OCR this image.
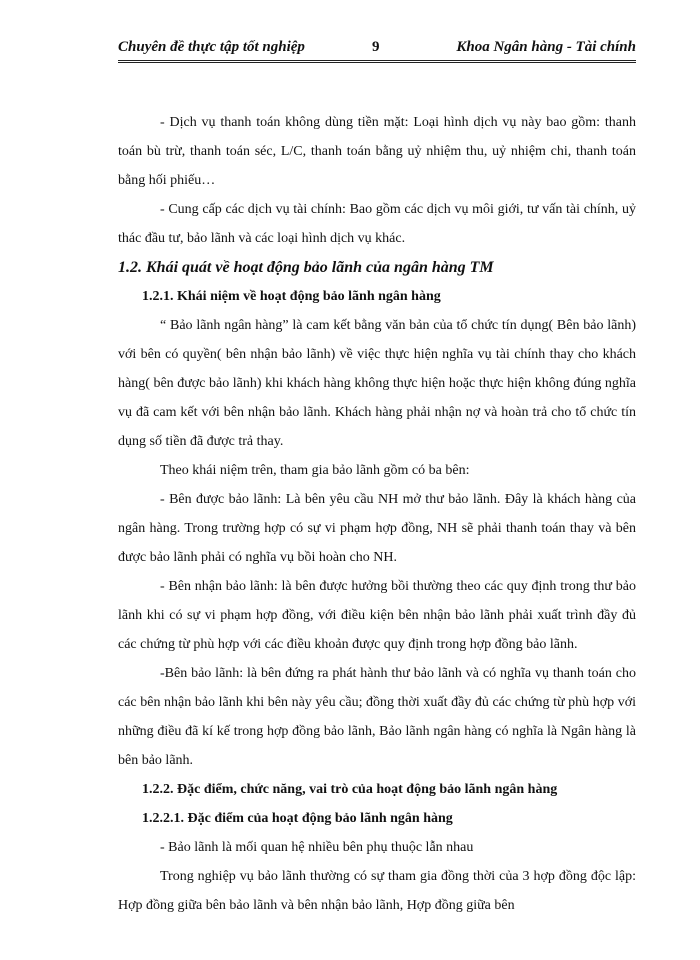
Chuyên đề thực tập tốt nghiệp	9	Khoa Ngân hàng - Tài chính

- Dịch vụ thanh toán không dùng tiền mặt: Loại hình dịch vụ này bao gồm: thanh toán bù trừ, thanh toán séc, L/C, thanh toán bằng uỷ nhiệm thu, uỷ nhiệm chi, thanh toán bằng hối phiếu…

- Cung cấp các dịch vụ tài chính: Bao gồm các dịch vụ môi giới, tư vấn tài chính, uỷ thác đầu tư, bảo lãnh và các loại hình dịch vụ khác.

1.2. Khái quát về hoạt động bảo lãnh của ngân hàng TM

1.2.1. Khái niệm về hoạt động bảo lãnh ngân hàng

“ Bảo lãnh ngân hàng” là cam kết bằng văn bản của tổ chức tín dụng( Bên bảo lãnh) với bên có quyền( bên nhận bảo lãnh) về việc thực hiện nghĩa vụ tài chính thay cho khách hàng( bên được bảo lãnh) khi khách hàng không thực hiện hoặc thực hiện không đúng nghĩa vụ đã cam kết với bên nhận bảo lãnh. Khách hàng phải nhận nợ và hoàn trả cho tổ chức tín dụng số tiền đã được trả thay.

Theo khái niệm trên, tham gia bảo lãnh gồm có ba bên:

- Bên được bảo lãnh: Là bên yêu cầu NH mở thư bảo lãnh. Đây là khách hàng của ngân hàng. Trong trường hợp có sự vi phạm hợp đồng, NH sẽ phải thanh toán thay và bên được bảo lãnh phải có nghĩa vụ bồi hoàn cho NH.

- Bên nhận bảo lãnh: là bên được hưởng bồi thường theo các quy định trong thư bảo lãnh khi có sự vi phạm hợp đồng, với điều kiện bên nhận bảo lãnh phải xuất trình đầy đủ các chứng từ phù hợp với các điều khoản được quy định trong hợp đồng bảo lãnh.

-Bên bảo lãnh: là bên đứng ra phát hành thư bảo lãnh và có nghĩa vụ thanh toán cho các bên nhận bảo lãnh khi bên này yêu cầu; đồng thời xuất đầy đủ các chứng từ phù hợp với những điều đã kí kế trong hợp đồng bảo lãnh, Bảo lãnh ngân hàng có nghĩa là Ngân hàng là bên bảo lãnh.

1.2.2. Đặc điểm, chức năng, vai trò của hoạt động bảo lãnh ngân hàng

1.2.2.1. Đặc điểm của hoạt động bảo lãnh ngân hàng

- Bảo lãnh là mối quan hệ nhiều bên phụ thuộc lẫn nhau

Trong nghiệp vụ bảo lãnh thường có sự tham gia đồng thời của 3 hợp đồng độc lập: Hợp đồng giữa bên bảo lãnh và bên nhận bảo lãnh, Hợp đồng giữa bên
